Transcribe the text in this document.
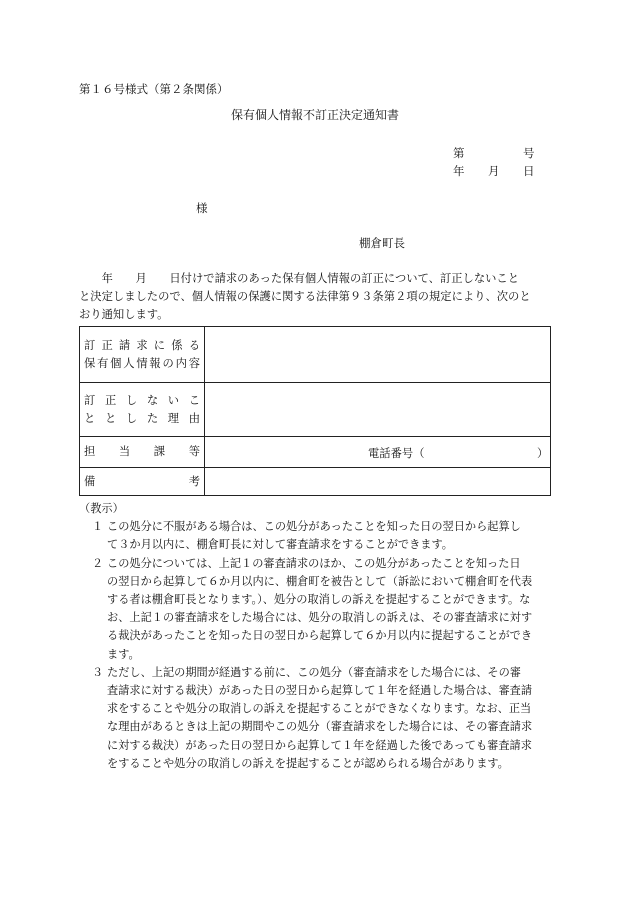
第１６号様式（第２条関係）
保有個人情報不訂正決定通知書
第	号
年 月 日
様
棚倉町長
　　年　　月　　日付けで請求のあった保有個人情報の訂正について、訂正しないこと
と決定しましたので、個人情報の保護に関する法律第９３条第２項の規定により、次のと
おり通知します。
訂正請求に係る
保有個人情報の内容	

訂正しないこ
ととした理由	

担当課等	電話番号（ ）

備考	

（教示）
１ この処分に不服がある場合は、この処分があったことを知った日の翌日から起算し
て３か月以内に、棚倉町長に対して審査請求をすることができます。
２ この処分については、上記１の審査請求のほか、この処分があったことを知った日
の翌日から起算して６か月以内に、棚倉町を被告として（訴訟において棚倉町を代表
する者は棚倉町長となります。）、処分の取消しの訴えを提起することができます。な
お、上記１の審査請求をした場合には、処分の取消しの訴えは、その審査請求に対す
る裁決があったことを知った日の翌日から起算して６か月以内に提起することができ
ます。
３ ただし、上記の期間が経過する前に、この処分（審査請求をした場合には、その審
査請求に対する裁決）があった日の翌日から起算して１年を経過した場合は、審査請
求をすることや処分の取消しの訴えを提起することができなくなります。なお、正当
な理由があるときは上記の期間やこの処分（審査請求をした場合には、その審査請求
に対する裁決）があった日の翌日から起算して１年を経過した後であっても審査請求
をすることや処分の取消しの訴えを提起することが認められる場合があります。
